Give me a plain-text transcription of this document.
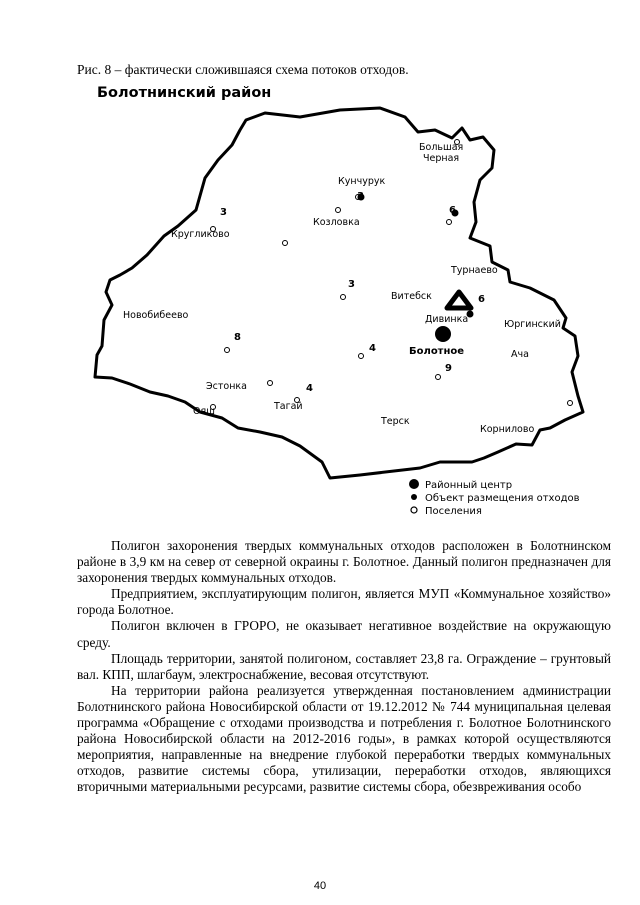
Рис. 8 – фактически сложившаяся схема потоков отходов.
Болотнинский район
Большая
Черная
Кунчурук
Козловка
Кругликово
Турнаево
Витебск
Новобибеево	Дивинка	Юргинский
Болотное	Ача
Эстонка
Ояш	Тагай
Терск
Корнилово
3
3	6
3
6
8
4
9
4
Районный центр
Объект размещения отходов
Поселения

Полигон захоронения твердых коммунальных отходов расположен в Болотнинском районе в 3,9 км на север от северной окраины г. Болотное. Данный полигон предназначен для захоронения твердых коммунальных отходов.

Предприятием, эксплуатирующим полигон, является МУП «Коммунальное хозяйство» города Болотное.

Полигон включен в ГРОРО, не оказывает негативное воздействие на окружающую среду.

Площадь территории, занятой полигоном, составляет 23,8 га. Ограждение – грунтовый вал. КПП, шлагбаум, электроснабжение, весовая отсутствуют.

На территории района реализуется утвержденная постановлением администрации Болотнинского района Новосибирской области от 19.12.2012 № 744 муниципальная целевая программа «Обращение с отходами производства и потребления г. Болотное Болотнинского района Новосибирской области на 2012-2016 годы», в рамках которой осуществляются мероприятия, направленные на внедрение глубокой переработки твердых коммунальных отходов, развитие системы сбора, утилизации, переработки отходов, являющихся вторичными материальными ресурсами, развитие системы сбора, обезвреживания особо

40
